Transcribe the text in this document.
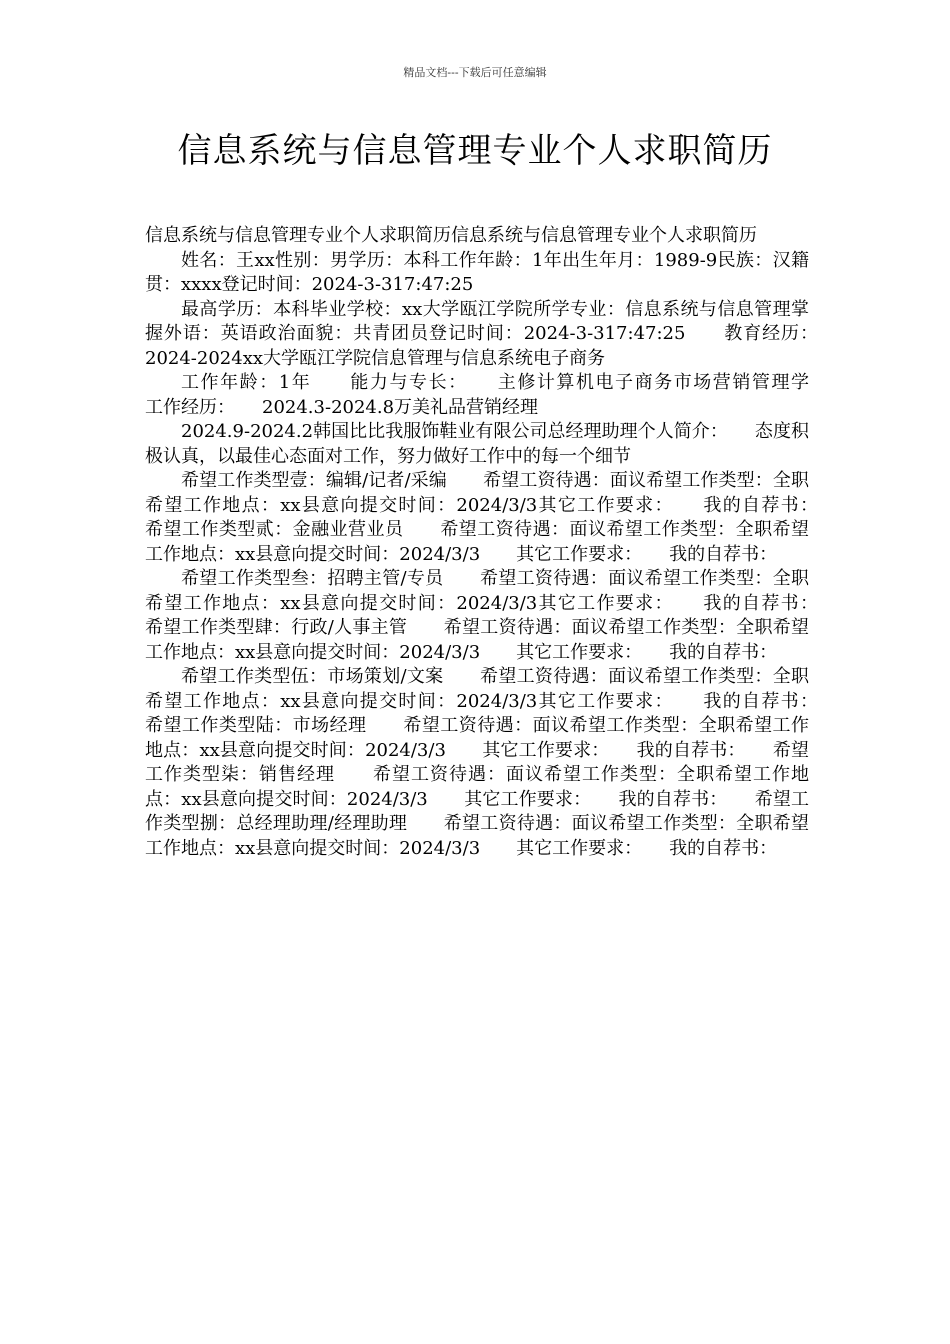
精品文档---下载后可任意编辑
信息系统与信息管理专业个人求职简历

信息系统与信息管理专业个人求职简历信息系统与信息管理专业个人求职简历

姓名：王xx性别：男学历：本科工作年龄：1年出生年月：1989-9民族：汉籍贯：xxxx登记时间：2024-3-317:47:25

最高学历：本科毕业学校：xx大学瓯江学院所学专业：信息系统与信息管理掌握外语：英语政治面貌：共青团员登记时间：2024-3-317:47:25　　教育经历：　　2024-2024xx大学瓯江学院信息管理与信息系统电子商务

工作年龄：1年　　能力与专长：　　主修计算机电子商务市场营销管理学　　工作经历：　　2024.3-2024.8万美礼品营销经理

2024.9-2024.2韩国比比我服饰鞋业有限公司总经理助理个人简介：　　态度积极认真，以最佳心态面对工作，努力做好工作中的每一个细节

希望工作类型壹：编辑/记者/采编　　希望工资待遇：面议希望工作类型：全职希望工作地点：xx县意向提交时间：2024/3/3其它工作要求：　　我的自荐书：　　希望工作类型贰：金融业营业员　　希望工资待遇：面议希望工作类型：全职希望工作地点：xx县意向提交时间：2024/3/3　　其它工作要求：　　我的自荐书：

希望工作类型叁：招聘主管/专员　　希望工资待遇：面议希望工作类型：全职希望工作地点：xx县意向提交时间：2024/3/3其它工作要求：　　我的自荐书：　　希望工作类型肆：行政/人事主管　　希望工资待遇：面议希望工作类型：全职希望工作地点：xx县意向提交时间：2024/3/3　　其它工作要求：　　我的自荐书：

希望工作类型伍：市场策划/文案　　希望工资待遇：面议希望工作类型：全职希望工作地点：xx县意向提交时间：2024/3/3其它工作要求：　　我的自荐书：　　希望工作类型陆：市场经理　　希望工资待遇：面议希望工作类型：全职希望工作地点：xx县意向提交时间：2024/3/3　　其它工作要求：　　我的自荐书：　　希望工作类型柒：销售经理　　希望工资待遇：面议希望工作类型：全职希望工作地点：xx县意向提交时间：2024/3/3　　其它工作要求：　　我的自荐书：　　希望工作类型捌：总经理助理/经理助理　　希望工资待遇：面议希望工作类型：全职希望工作地点：xx县意向提交时间：2024/3/3　　其它工作要求：　　我的自荐书：
